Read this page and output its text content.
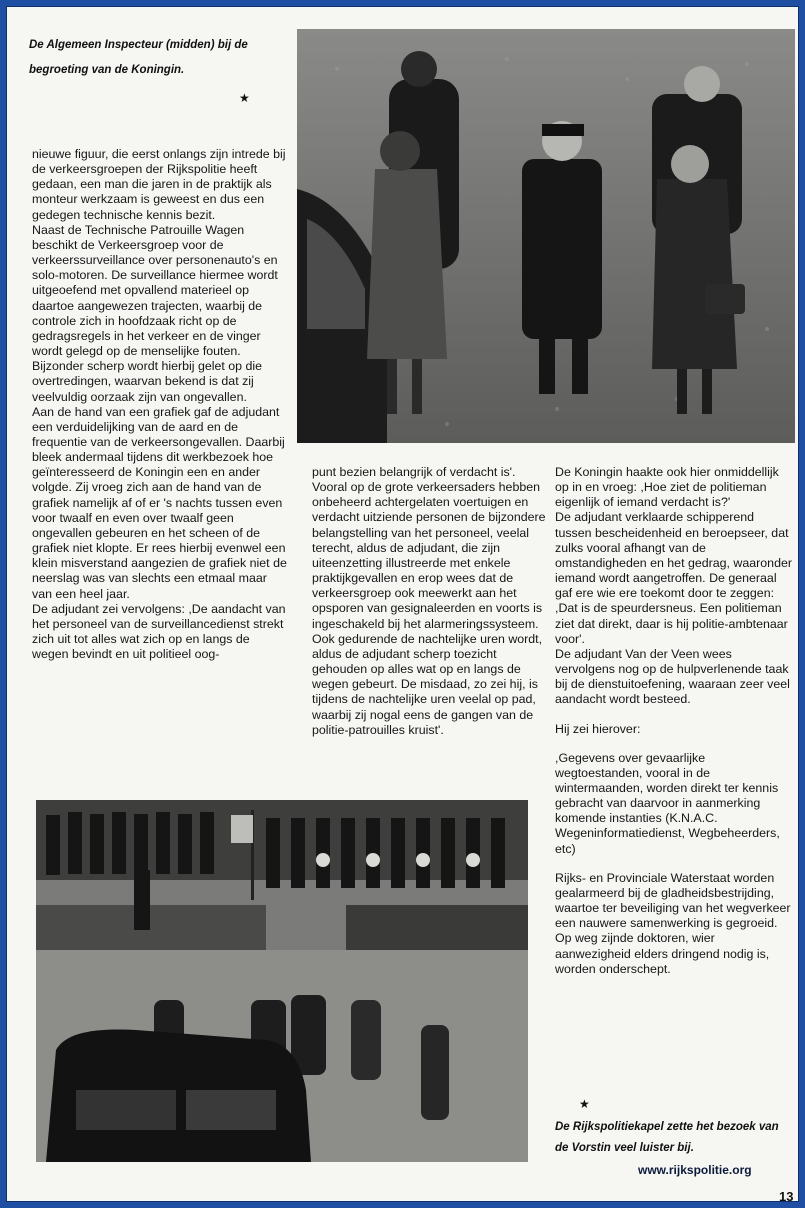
De Algemeen Inspecteur (midden) bij de begroeting van de Koningin.
★

nieuwe figuur, die eerst onlangs zijn intrede bij de verkeersgroepen der Rijkspolitie heeft gedaan, een man die jaren in de praktijk als monteur werkzaam is geweest en dus een gedegen technische kennis bezit.

Naast de Technische Patrouille Wagen beschikt de Verkeersgroep voor de verkeerssurveillance over personenauto's en solo-motoren. De surveillance hiermee wordt uitgeoefend met opvallend materieel op daartoe aangewezen trajecten, waarbij de controle zich in hoofdzaak richt op de gedragsregels in het verkeer en de vinger wordt gelegd op de menselijke fouten.

Bijzonder scherp wordt hierbij gelet op die overtredingen, waarvan bekend is dat zij veelvuldig oorzaak zijn van ongevallen.

Aan de hand van een grafiek gaf de adjudant een verduidelijking van de aard en de frequentie van de verkeersongevallen. Daarbij bleek andermaal tijdens dit werkbezoek hoe geïnteresseerd de Koningin een en ander volgde. Zij vroeg zich aan de hand van de grafiek namelijk af of er 's nachts tussen even voor twaalf en even over twaalf geen ongevallen gebeuren en het scheen of de grafiek niet klopte. Er rees hierbij evenwel een klein misverstand aangezien de grafiek niet de neerslag was van slechts een etmaal maar van een heel jaar.

De adjudant zei vervolgens: ,De aandacht van het personeel van de surveillancedienst strekt zich uit tot alles wat zich op en langs de wegen bevindt en uit politieel oog-

punt bezien belangrijk of verdacht is'. Vooral op de grote verkeersaders hebben onbeheerd achtergelaten voertuigen en verdacht uitziende personen de bijzondere belangstelling van het personeel, veelal terecht, aldus de adjudant, die zijn uiteenzetting illustreerde met enkele praktijkgevallen en erop wees dat de verkeersgroep ook meewerkt aan het opsporen van gesignaleerden en voorts is ingeschakeld bij het alarmeringssysteem. Ook gedurende de nachtelijke uren wordt, aldus de adjudant scherp toezicht gehouden op alles wat op en langs de wegen gebeurt. De misdaad, zo zei hij, is tijdens de nachtelijke uren veelal op pad, waarbij zij nogal eens de gangen van de politie-patrouilles kruist'.

De Koningin haakte ook hier onmiddellijk op in en vroeg: ,Hoe ziet de politieman eigenlijk of iemand verdacht is?'

De adjudant verklaarde schipperend tussen bescheidenheid en beroepseer, dat zulks vooral afhangt van de omstandigheden en het gedrag, waaronder iemand wordt aangetroffen. De generaal gaf ere wie ere toekomt door te zeggen: ,Dat is de speurdersneus. Een politieman ziet dat direkt, daar is hij politie-ambtenaar voor'.

De adjudant Van der Veen wees vervolgens nog op de hulpverlenende taak bij de dienstuitoefening, waaraan zeer veel aandacht wordt besteed.

Hij zei hierover:

,Gegevens over gevaarlijke wegtoestanden, vooral in de wintermaanden, worden direkt ter kennis gebracht van daarvoor in aanmerking komende instanties (K.N.A.C. Wegeninformatiedienst, Wegbeheerders, etc)

Rijks- en Provinciale Waterstaat worden gealarmeerd bij de gladheidsbestrijding, waartoe ter beveiliging van het wegverkeer een nauwere samenwerking is gegroeid. Op weg zijnde doktoren, wier aanwezigheid elders dringend nodig is, worden onderschept.

★
De Rijkspolitiekapel zette het bezoek van de Vorstin veel luister bij.
www.rijkspolitie.org
13
